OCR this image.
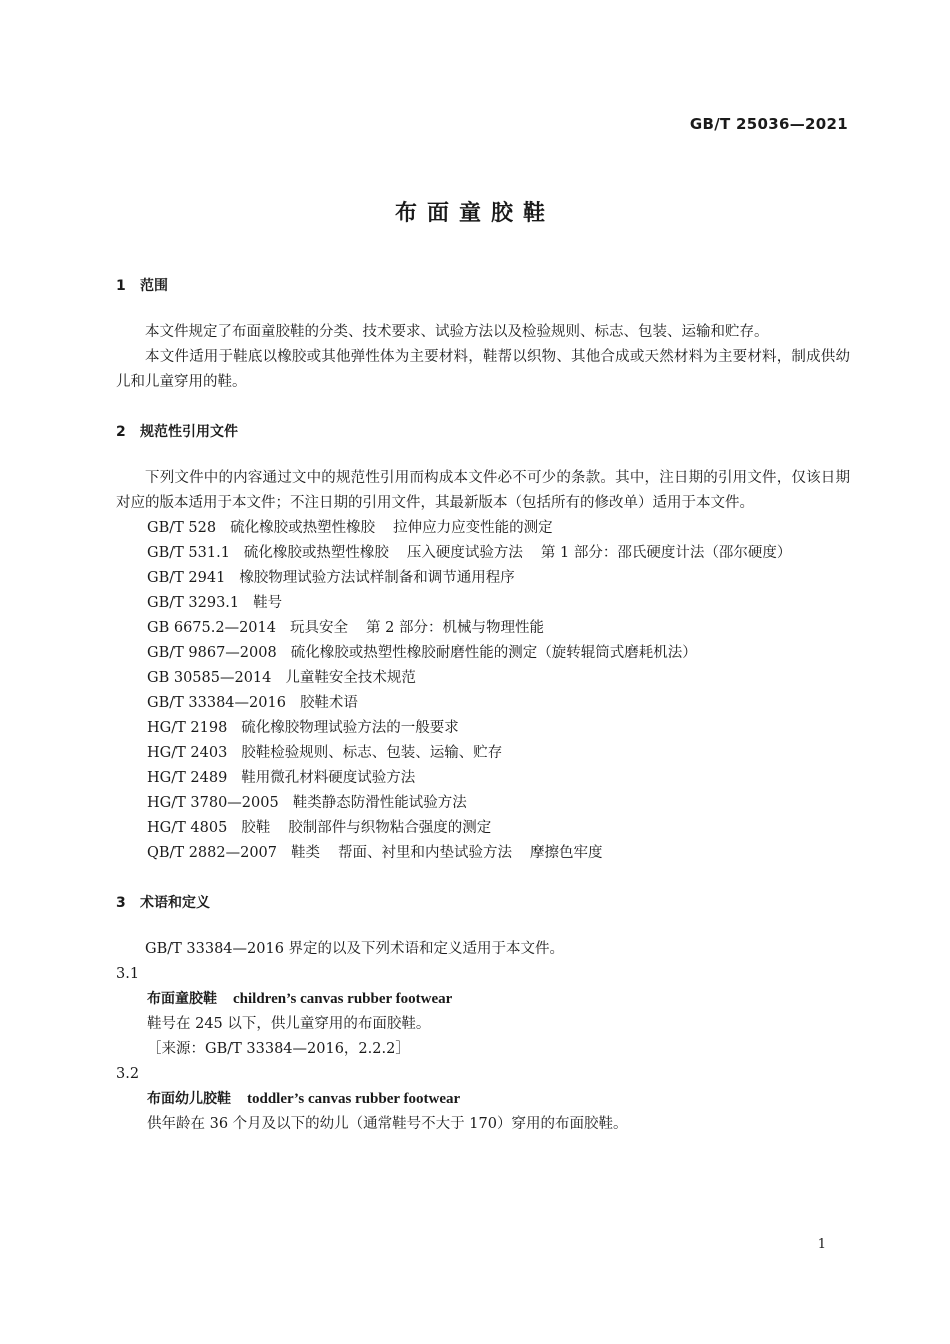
GB/T 25036—2021
布面童胶鞋
1 范围

本文件规定了布面童胶鞋的分类、技术要求、试验方法以及检验规则、标志、包装、运输和贮存。

本文件适用于鞋底以橡胶或其他弹性体为主要材料，鞋帮以织物、其他合成或天然材料为主要材料，制成供幼儿和儿童穿用的鞋。

2 规范性引用文件

下列文件中的内容通过文中的规范性引用而构成本文件必不可少的条款。其中，注日期的引用文件，仅该日期对应的版本适用于本文件；不注日期的引用文件，其最新版本（包括所有的修改单）适用于本文件。

GB/T 528 硫化橡胶或热塑性橡胶 拉伸应力应变性能的测定
GB/T 531.1 硫化橡胶或热塑性橡胶 压入硬度试验方法 第 1 部分：邵氏硬度计法（邵尔硬度）
GB/T 2941 橡胶物理试验方法试样制备和调节通用程序
GB/T 3293.1 鞋号
GB 6675.2—2014 玩具安全 第 2 部分：机械与物理性能
GB/T 9867—2008 硫化橡胶或热塑性橡胶耐磨性能的测定（旋转辊筒式磨耗机法）
GB 30585—2014 儿童鞋安全技术规范
GB/T 33384—2016 胶鞋术语
HG/T 2198 硫化橡胶物理试验方法的一般要求
HG/T 2403 胶鞋检验规则、标志、包装、运输、贮存
HG/T 2489 鞋用微孔材料硬度试验方法
HG/T 3780—2005 鞋类静态防滑性能试验方法
HG/T 4805 胶鞋 胶制部件与织物粘合强度的测定
QB/T 2882—2007 鞋类 帮面、衬里和内垫试验方法 摩擦色牢度
3 术语和定义

GB/T 33384—2016 界定的以及下列术语和定义适用于本文件。

3.1
布面童胶鞋 children’s canvas rubber footwear
鞋号在 245 以下，供儿童穿用的布面胶鞋。
［来源：GB/T 33384—2016，2.2.2］
3.2
布面幼儿胶鞋 toddler’s canvas rubber footwear
供年龄在 36 个月及以下的幼儿（通常鞋号不大于 170）穿用的布面胶鞋。
1
